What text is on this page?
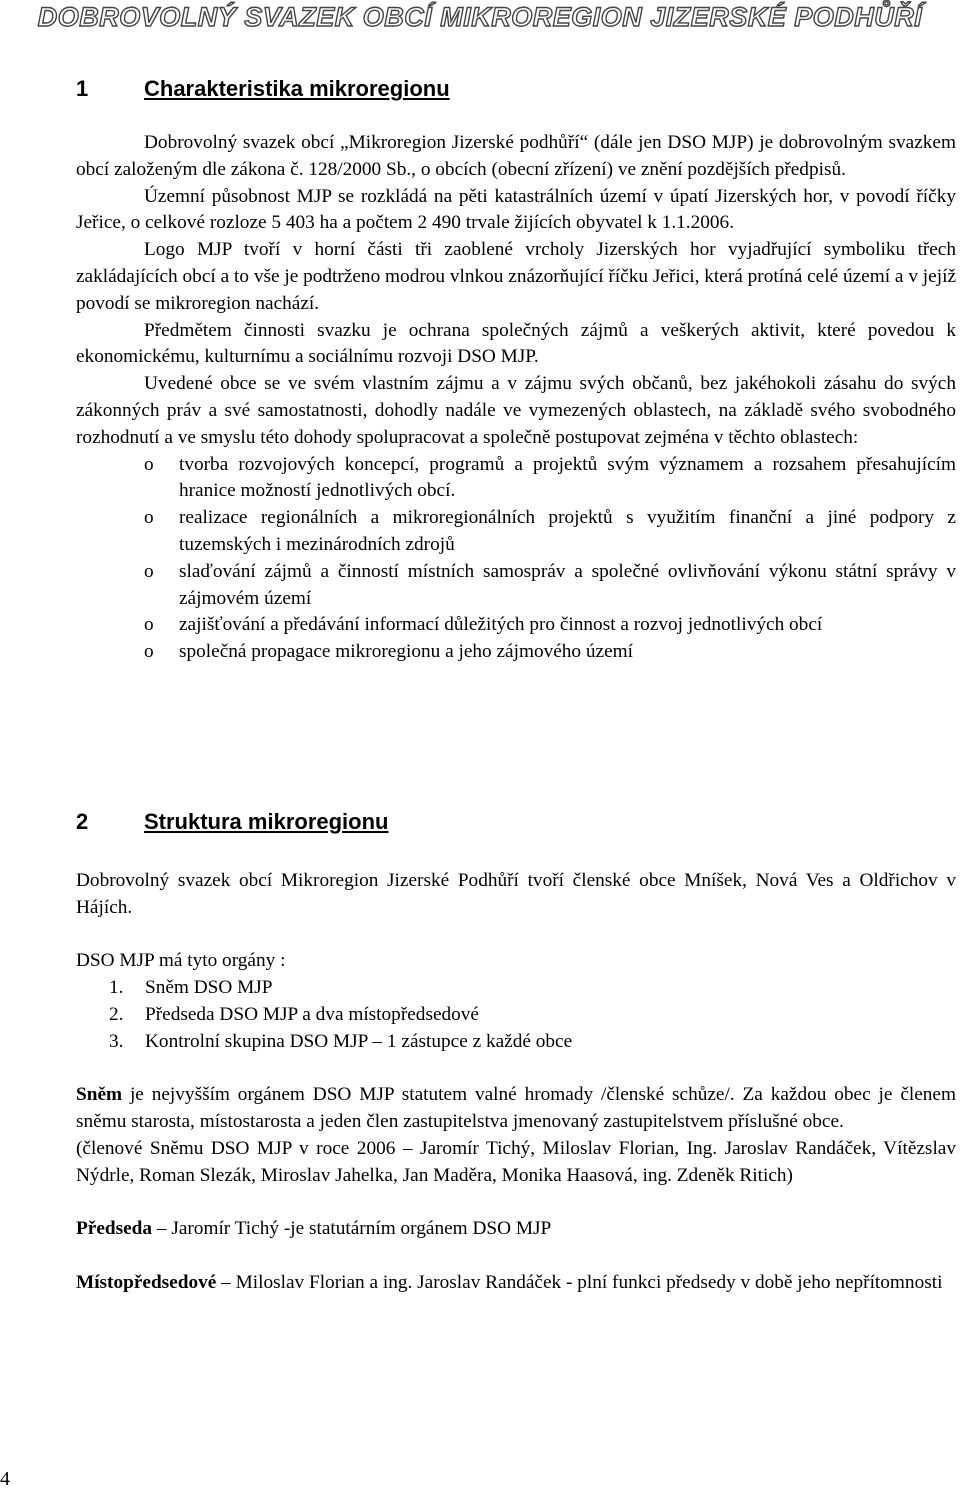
DOBROVOLNÝ SVAZEK OBCÍ MIKROREGION JIZERSKÉ PODHŮŘÍ
1	Charakteristika mikroregionu

Dobrovolný svazek obcí „Mikroregion Jizerské podhůří“ (dále jen DSO MJP) je dobrovolným svazkem obcí založeným dle zákona č. 128/2000 Sb., o obcích (obecní zřízení) ve znění pozdějších předpisů.

Územní působnost MJP se rozkládá na pěti katastrálních území v úpatí Jizerských hor, v povodí říčky Jeřice, o celkové rozloze 5 403 ha a počtem 2 490 trvale žijících obyvatel k 1.1.2006.

Logo MJP tvoří v horní části tři zaoblené vrcholy Jizerských hor vyjadřující symboliku třech zakládajících obcí a to vše je podtrženo modrou vlnkou znázorňující říčku Jeřici, která protíná celé území a v jejíž povodí se mikroregion nachází.

Předmětem činnosti svazku je ochrana společných zájmů a veškerých aktivit, které povedou k ekonomickému, kulturnímu a sociálnímu rozvoji DSO MJP.

Uvedené obce se ve svém vlastním zájmu a v zájmu svých občanů, bez jakéhokoli zásahu do svých zákonných práv a své samostatnosti, dohodly nadále ve vymezených oblastech, na základě svého svobodného rozhodnutí a ve smyslu této dohody spolupracovat a společně postupovat zejména v těchto oblastech:

o tvorba rozvojových koncepcí, programů a projektů svým významem a rozsahem přesahujícím hranice možností jednotlivých obcí.

o realizace regionálních a mikroregionálních projektů s využitím finanční a jiné podpory z tuzemských i mezinárodních zdrojů

o slaďování zájmů a činností místních samospráv a společné ovlivňování výkonu státní správy v zájmovém území

o zajišťování a předávání informací důležitých pro činnost a rozvoj jednotlivých obcí

o společná propagace mikroregionu a jeho zájmového území

2	Struktura mikroregionu

Dobrovolný svazek obcí Mikroregion Jizerské Podhůří tvoří členské obce Mníšek, Nová Ves a Oldřichov v Hájích.

DSO MJP má tyto orgány :

1. Sněm DSO MJP
2. Předseda DSO MJP a dva místopředsedové
3. Kontrolní skupina DSO MJP – 1 zástupce z každé obce

Sněm je nejvyšším orgánem DSO MJP statutem valné hromady /členské schůze/. Za každou obec je členem sněmu starosta, místostarosta a jeden člen zastupitelstva jmenovaný zastupitelstvem příslušné obce.

(členové Sněmu DSO MJP v roce 2006 – Jaromír Tichý, Miloslav Florian, Ing. Jaroslav Randáček, Vítězslav Nýdrle, Roman Slezák, Miroslav Jahelka, Jan Maděra, Monika Haasová, ing. Zdeněk Ritich)

Předseda – Jaromír Tichý -je statutárním orgánem DSO MJP

Místopředsedové – Miloslav Florian a ing. Jaroslav Randáček - plní funkci předsedy v době jeho nepřítomnosti

4
